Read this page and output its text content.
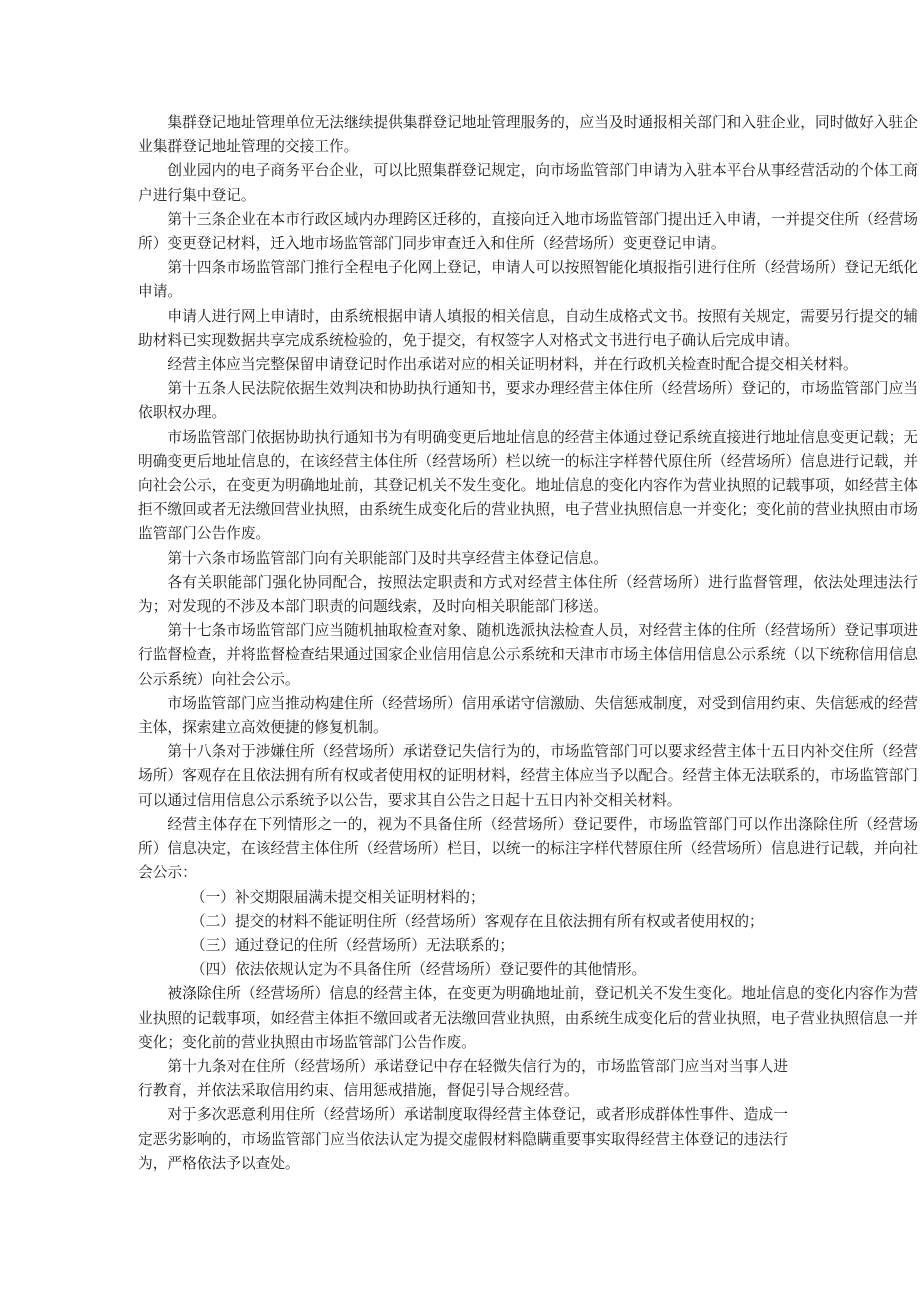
集群登记地址管理单位无法继续提供集群登记地址管理服务的，应当及时通报相关部门和入驻企业，同时做好入驻企业集群登记地址管理的交接工作。

创业园内的电子商务平台企业，可以比照集群登记规定，向市场监管部门申请为入驻本平台从事经营活动的个体工商户进行集中登记。

第十三条企业在本市行政区域内办理跨区迁移的，直接向迁入地市场监管部门提出迁入申请，一并提交住所（经营场所）变更登记材料，迁入地市场监管部门同步审查迁入和住所（经营场所）变更登记申请。

第十四条市场监管部门推行全程电子化网上登记，申请人可以按照智能化填报指引进行住所（经营场所）登记无纸化申请。

申请人进行网上申请时，由系统根据申请人填报的相关信息，自动生成格式文书。按照有关规定，需要另行提交的辅助材料已实现数据共享完成系统检验的，免于提交，有权签字人对格式文书进行电子确认后完成申请。

经营主体应当完整保留申请登记时作出承诺对应的相关证明材料，并在行政机关检查时配合提交相关材料。

第十五条人民法院依据生效判决和协助执行通知书，要求办理经营主体住所（经营场所）登记的，市场监管部门应当依职权办理。

市场监管部门依据协助执行通知书为有明确变更后地址信息的经营主体通过登记系统直接进行地址信息变更记载；无明确变更后地址信息的，在该经营主体住所（经营场所）栏以统一的标注字样替代原住所（经营场所）信息进行记载，并向社会公示，在变更为明确地址前，其登记机关不发生变化。地址信息的变化内容作为营业执照的记载事项，如经营主体拒不缴回或者无法缴回营业执照，由系统生成变化后的营业执照，电子营业执照信息一并变化；变化前的营业执照由市场监管部门公告作废。

第十六条市场监管部门向有关职能部门及时共享经营主体登记信息。

各有关职能部门强化协同配合，按照法定职责和方式对经营主体住所（经营场所）进行监督管理，依法处理违法行为；对发现的不涉及本部门职责的问题线索，及时向相关职能部门移送。

第十七条市场监管部门应当随机抽取检查对象、随机选派执法检查人员，对经营主体的住所（经营场所）登记事项进行监督检查，并将监督检查结果通过国家企业信用信息公示系统和天津市市场主体信用信息公示系统（以下统称信用信息公示系统）向社会公示。

市场监管部门应当推动构建住所（经营场所）信用承诺守信激励、失信惩戒制度，对受到信用约束、失信惩戒的经营主体，探索建立高效便捷的修复机制。

第十八条对于涉嫌住所（经营场所）承诺登记失信行为的，市场监管部门可以要求经营主体十五日内补交住所（经营场所）客观存在且依法拥有所有权或者使用权的证明材料，经营主体应当予以配合。经营主体无法联系的，市场监管部门可以通过信用信息公示系统予以公告，要求其自公告之日起十五日内补交相关材料。

经营主体存在下列情形之一的，视为不具备住所（经营场所）登记要件，市场监管部门可以作出涤除住所（经营场所）信息决定，在该经营主体住所（经营场所）栏目，以统一的标注字样代替原住所（经营场所）信息进行记载，并向社会公示：

（一）补交期限届满未提交相关证明材料的；

（二）提交的材料不能证明住所（经营场所）客观存在且依法拥有所有权或者使用权的；

（三）通过登记的住所（经营场所）无法联系的；

（四）依法依规认定为不具备住所（经营场所）登记要件的其他情形。

被涤除住所（经营场所）信息的经营主体，在变更为明确地址前，登记机关不发生变化。地址信息的变化内容作为营业执照的记载事项，如经营主体拒不缴回或者无法缴回营业执照，由系统生成变化后的营业执照，电子营业执照信息一并变化；变化前的营业执照由市场监管部门公告作废。

第十九条对在住所（经营场所）承诺登记中存在轻微失信行为的，市场监管部门应当对当事人进行教育，并依法采取信用约束、信用惩戒措施，督促引导合规经营。

对于多次恶意利用住所（经营场所）承诺制度取得经营主体登记，或者形成群体性事件、造成一定恶劣影响的，市场监管部门应当依法认定为提交虚假材料隐瞒重要事实取得经营主体登记的违法行为，严格依法予以查处。
